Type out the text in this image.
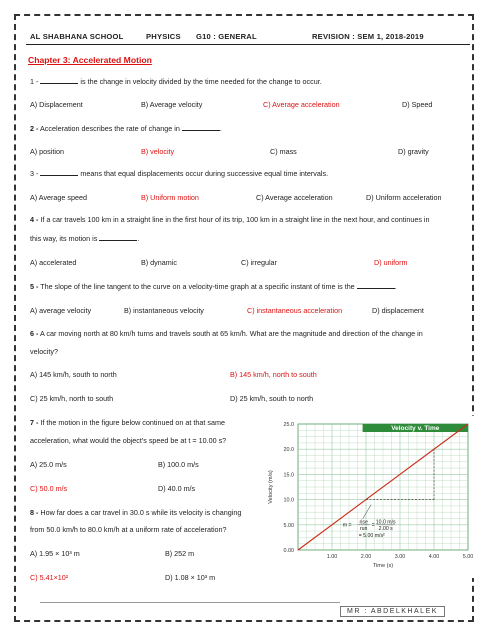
AL SHABHANA SCHOOL	PHYSICS G10 : GENERAL	REVISION : SEM 1, 2018-2019
Chapter 3: Accelerated Motion
1 -	is the change in velocity divided by the time needed for the change to occur.
A) Displacement	B) Average velocity	C) Average acceleration	D) Speed
2 - Acceleration describes the rate of change in	.
A) position	B) velocity	C) mass	D) gravity
3 -	means that equal displacements occur during successive equal time intervals.
A) Average speed	B) Uniform motion	C) Average acceleration	D) Uniform acceleration
4 - If a car travels 100 km in a straight line in the first hour of its trip, 100 km in a straight line in the next hour, and continues in
this way, its motion is	.
A) accelerated	B) dynamic	C) irregular	D) uniform
5 - The slope of the line tangent to the curve on a velocity-time graph at a specific instant of time is the	.
A) average velocity	B) instantaneous velocity	C) instantaneous acceleration	D) displacement
6 - A car moving north at 80 km/h turns and travels south at 65 km/h. What are the magnitude and direction of the change in
velocity?
A) 145 km/h, south to north	B) 145 km/h, north to south
C) 25 km/h, north to south	D) 25 km/h, south to north
7 - If the motion in the figure below continued on at that same
acceleration, what would the object's speed be at t = 10.00 s?
A) 25.0 m/s	B) 100.0 m/s
C) 50.0 m/s	D) 40.0 m/s
8 - How far does a car travel in 30.0 s while its velocity is changing
from 50.0 km/h to 80.0 km/h at a uniform rate of acceleration?
A) 1.95 × 10³ m	B) 252 m
C) 5.41×10²	D) 1.08 × 10³ m
Velocity v. Time
0.00
5.00
10.0
15.0
20.0
25.0
1.00	2.00	3.00	4.00	5.00
m = rise
run
= 10.0 m/s
2.00 s
= 5.00 m/s²
Velocity (m/s)
Time (s)
MR : ABDELKHALEK
